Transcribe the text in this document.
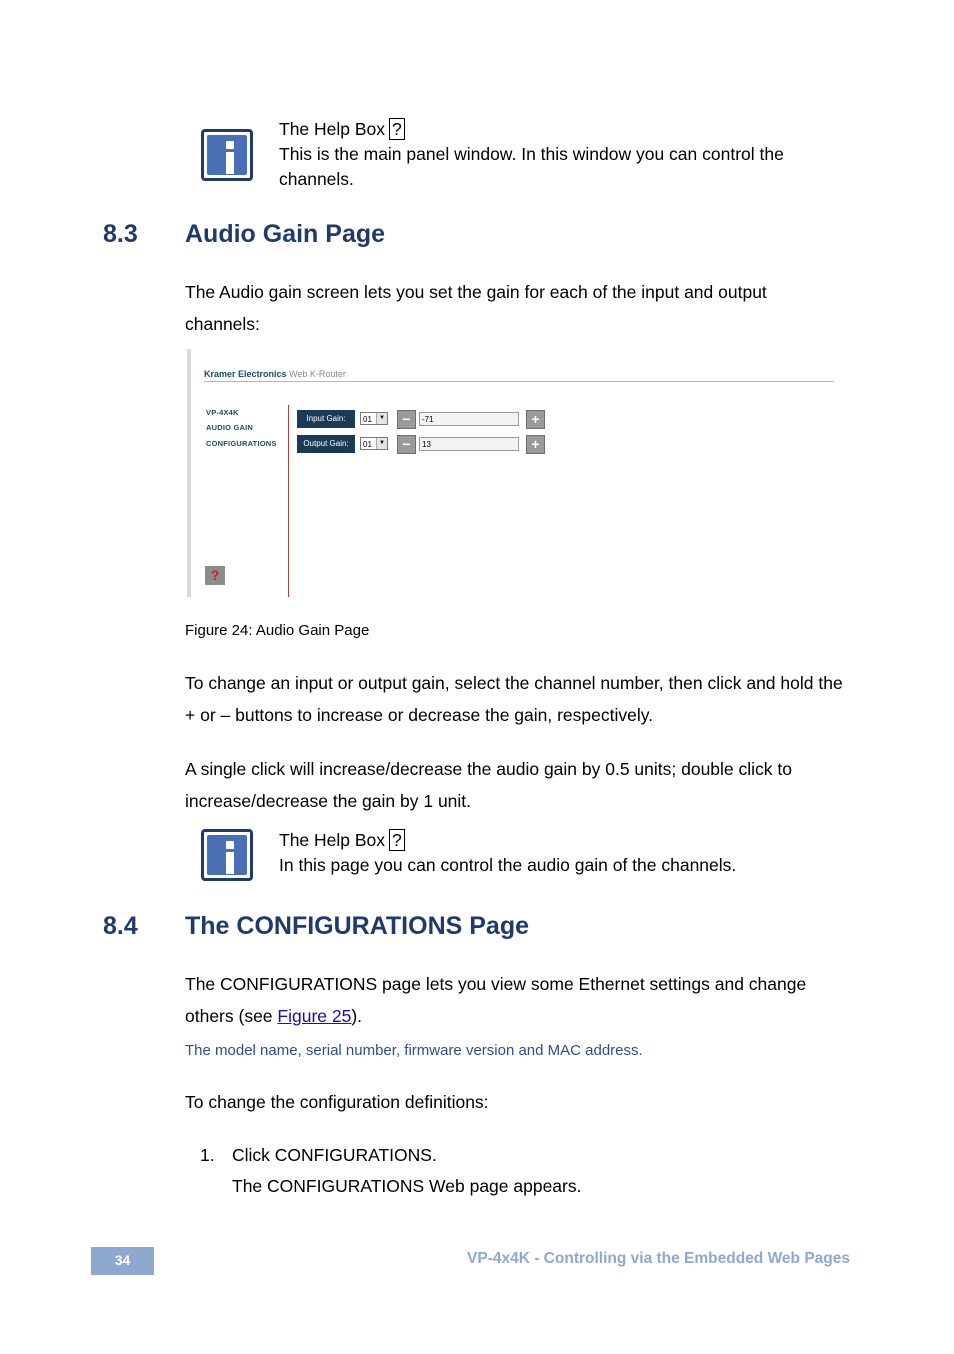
The Help Box ?
This is the main panel window. In this window you can control the channels.
8.3 Audio Gain Page
The Audio gain screen lets you set the gain for each of the input and output channels:
Kramer Electronics Web K-Router
VP-4X4K
AUDIO GAIN
CONFIGURATIONS
Input Gain:	01	▼	−	-71	+
Output Gain:	01	▼	−	13	+
?
Figure 24: Audio Gain Page
To change an input or output gain, select the channel number, then click and hold the + or – buttons to increase or decrease the gain, respectively.
A single click will increase/decrease the audio gain by 0.5 units; double click to increase/decrease the gain by 1 unit.
The Help Box ?
In this page you can control the audio gain of the channels.
8.4 The CONFIGURATIONS Page
The CONFIGURATIONS page lets you view some Ethernet settings and change others (see Figure 25).
The model name, serial number, firmware version and MAC address.
To change the configuration definitions:
1. Click CONFIGURATIONS.
The CONFIGURATIONS Web page appears.
34	VP-4x4K - Controlling via the Embedded Web Pages
